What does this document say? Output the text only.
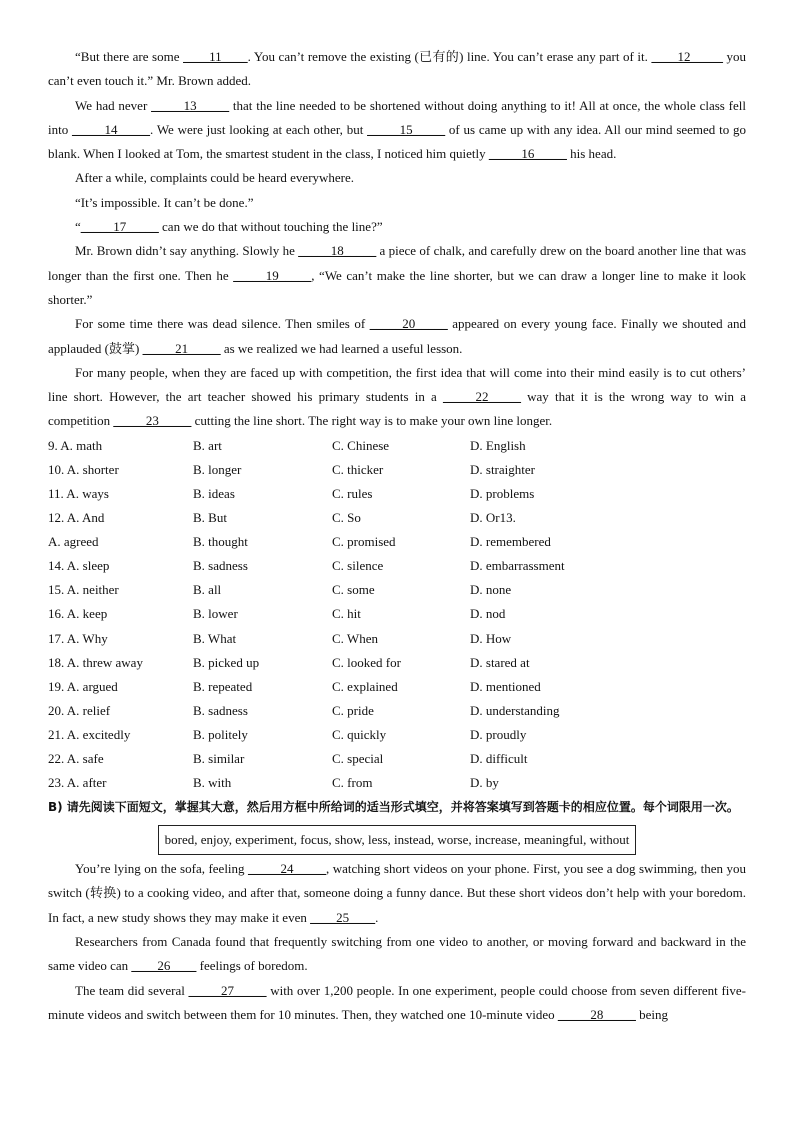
“But there are some ____11____. You can’t remove the existing (已有的) line. You can’t erase any part of it. ____12_____ you can’t even touch it.” Mr. Brown added.

We had never _____13_____ that the line needed to be shortened without doing anything to it! All at once, the whole class fell into _____14_____. We were just looking at each other, but _____15_____ of us came up with any idea. All our mind seemed to go blank. When I looked at Tom, the smartest student in the class, I noticed him quietly _____16_____ his head.

After a while, complaints could be heard everywhere.

“It’s impossible. It can’t be done.”

“_____17_____ can we do that without touching the line?”

Mr. Brown didn’t say anything. Slowly he _____18_____ a piece of chalk, and carefully drew on the board another line that was longer than the first one. Then he _____19_____, “We can’t make the line shorter, but we can draw a longer line to make it look shorter.”

For some time there was dead silence. Then smiles of _____20_____ appeared on every young face. Finally we shouted and applauded (鼓掌) _____21_____ as we realized we had learned a useful lesson.

For many people, when they are faced up with competition, the first idea that will come into their mind easily is to cut others’ line short. However, the art teacher showed his primary students in a _____22_____ way that it is the wrong way to win a competition _____23_____ cutting the line short. The right way is to make your own line longer.

9. A. math	B. art	C. Chinese	D. English
10. A. shorter	B. longer	C. thicker	D. straighter
11. A. ways	B. ideas	C. rules	D. problems
12. A. And	B. But	C. So	D. Or13.
A. agreed	B. thought	C. promised	D. remembered
14. A. sleep	B. sadness	C. silence	D. embarrassment
15. A. neither	B. all	C. some	D. none
16. A. keep	B. lower	C. hit	D. nod
17. A. Why	B. What	C. When	D. How
18. A. threw away	B. picked up	C. looked for	D. stared at
19. A. argued	B. repeated	C. explained	D. mentioned
20. A. relief	B. sadness	C. pride	D. understanding
21. A. excitedly	B. politely	C. quickly	D. proudly
22. A. safe	B. similar	C. special	D. difficult
23. A. after	B. with	C. from	D. by

B) 请先阅读下面短文，掌握其大意，然后用方框中所给词的适当形式填空，并将答案填写到答题卡的相应位置。每个词限用一次。

bored, enjoy, experiment, focus, show, less, instead, worse, increase, meaningful, without

You’re lying on the sofa, feeling _____24_____, watching short videos on your phone. First, you see a dog swimming, then you switch (转换) to a cooking video, and after that, someone doing a funny dance. But these short videos don’t help with your boredom. In fact, a new study shows they may make it even ____25____.

Researchers from Canada found that frequently switching from one video to another, or moving forward and backward in the same video can ____26____ feelings of boredom.

The team did several _____27_____ with over 1,200 people. In one experiment, people could choose from seven different five-minute videos and switch between them for 10 minutes. Then, they watched one 10-minute video _____28_____ being
